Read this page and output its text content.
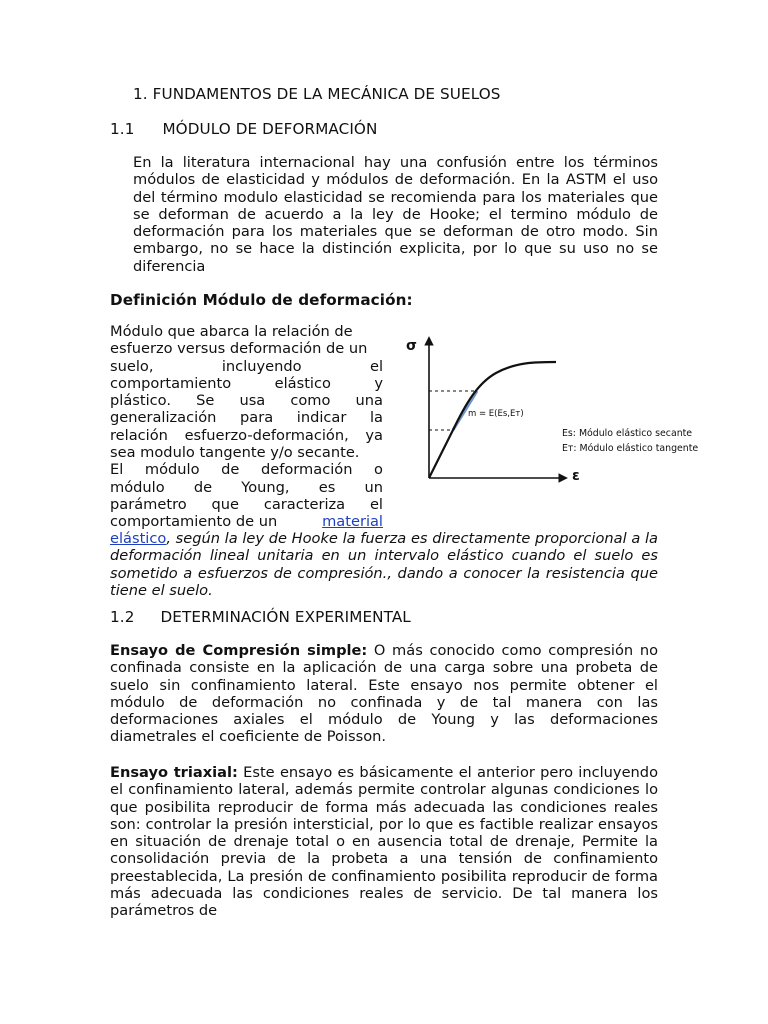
1. FUNDAMENTOS DE LA MECÁNICA DE SUELOS
1.1 MÓDULO DE DEFORMACIÓN

En la literatura internacional hay una confusión entre los términos módulos de elasticidad y módulos de deformación. En la ASTM el uso del término modulo elasticidad se recomienda para los materiales que se deforman de acuerdo a la ley de Hooke; el termino módulo de deformación para los materiales que se deforman de otro modo. Sin embargo, no se hace la distinción explicita, por lo que su uso no se diferencia

Definición Módulo de deformación:
Módulo que abarca la relación de
esfuerzo versus deformación de un
suelo, incluyendo el
comportamiento elástico y
plástico. Se usa como una
generalización para indicar la
relación esfuerzo-deformación, ya
sea modulo tangente y/o secante.
El módulo de deformación o
módulo de Young, es un
parámetro que caracteriza el
comportamiento de un	material

elástico, según la ley de Hooke la fuerza es directamente proporcional a la deformación lineal unitaria en un intervalo elástico cuando el suelo es sometido a esfuerzos de compresión., dando a conocer la resistencia que tiene el suelo.

σ
ε
m = E(Es,Eт)
Es: Módulo elástico secante
Eт: Módulo elástico tangente
1.2 DETERMINACIÓN EXPERIMENTAL

Ensayo de Compresión simple: O más conocido como compresión no confinada consiste en la aplicación de una carga sobre una probeta de suelo sin confinamiento lateral. Este ensayo nos permite obtener el módulo de deformación no confinada y de tal manera con las deformaciones axiales el módulo de Young y las deformaciones diametrales el coeficiente de Poisson.

Ensayo triaxial: Este ensayo es básicamente el anterior pero incluyendo el confinamiento lateral, además permite controlar algunas condiciones lo que posibilita reproducir de forma más adecuada las condiciones reales son: controlar la presión intersticial, por lo que es factible realizar ensayos en situación de drenaje total o en ausencia total de drenaje, Permite la consolidación previa de la probeta a una tensión de confinamiento preestablecida, La presión de confinamiento posibilita reproducir de forma más adecuada las condiciones reales de servicio. De tal manera los parámetros de
